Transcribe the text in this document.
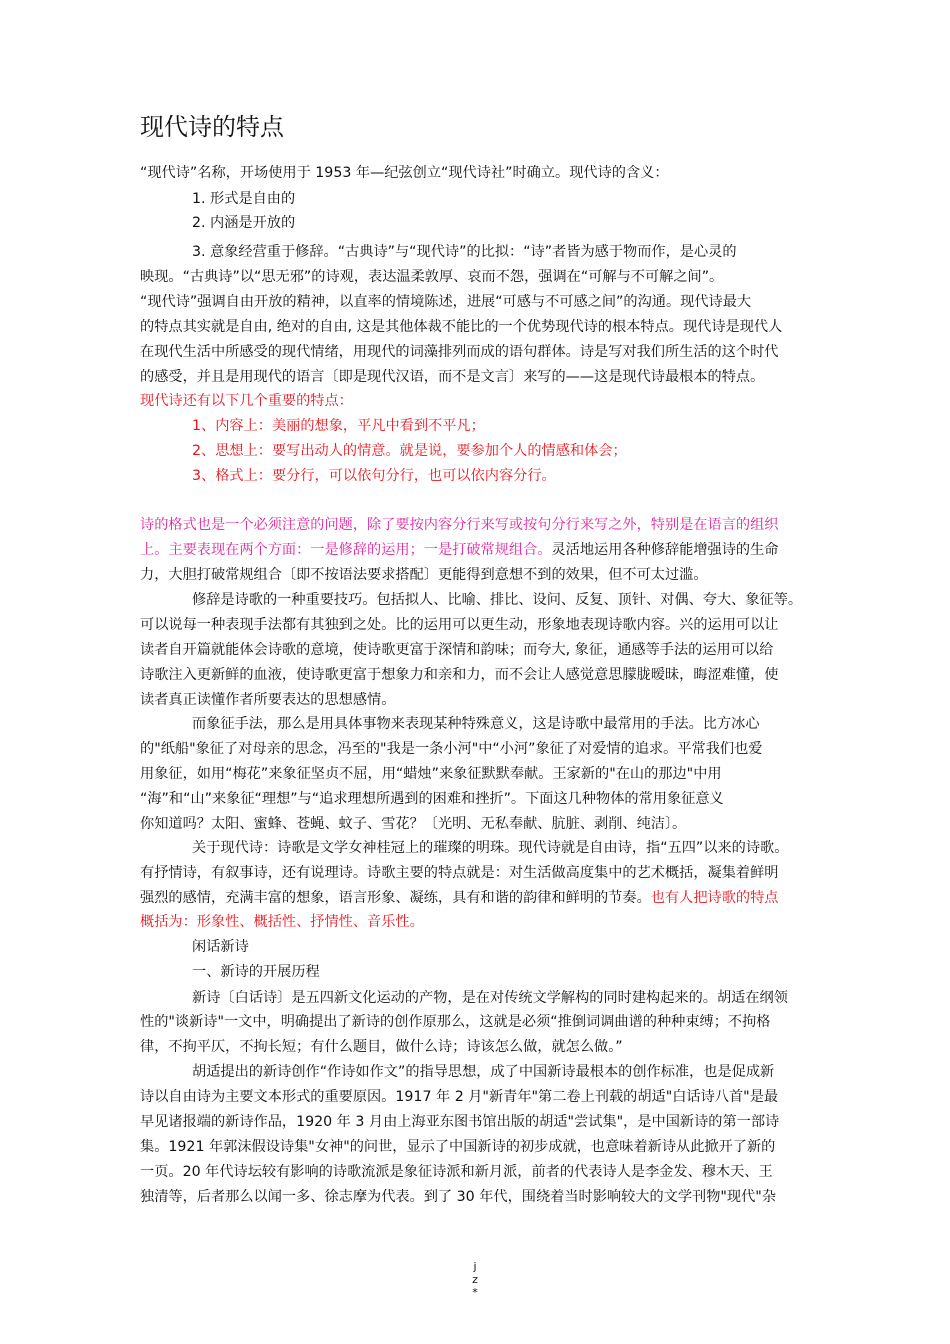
现代诗的特点
“现代诗”名称，开场使用于 1953 年—纪弦创立“现代诗社”时确立。现代诗的含义：
1. 形式是自由的
2. 内涵是开放的
3. 意象经营重于修辞。“古典诗”与“现代诗”的比拟：“诗”者皆为感于物而作，是心灵的
映现。“古典诗”以“思无邪”的诗观，表达温柔敦厚、哀而不怨，强调在“可解与不可解之间”。
“现代诗”强调自由开放的精神，以直率的情境陈述，进展“可感与不可感之间”的沟通。现代诗最大
的特点其实就是自由, 绝对的自由, 这是其他体裁不能比的一个优势现代诗的根本特点。现代诗是现代人
在现代生活中所感受的现代情绪，用现代的词藻排列而成的语句群体。诗是写对我们所生活的这个时代
的感受，并且是用现代的语言〔即是现代汉语，而不是文言〕来写的——这是现代诗最根本的特点。
现代诗还有以下几个重要的特点：
1、内容上：美丽的想象，平凡中看到不平凡；
2、思想上：要写出动人的情意。就是说，要参加个人的情感和体会；
3、格式上：要分行，可以依句分行，也可以依内容分行。
诗的格式也是一个必须注意的问题，除了要按内容分行来写或按句分行来写之外，特别是在语言的组织
上。主要表现在两个方面：一是修辞的运用；一是打破常规组合。灵活地运用各种修辞能增强诗的生命
力，大胆打破常规组合〔即不按语法要求搭配〕更能得到意想不到的效果，但不可太过滥。
修辞是诗歌的一种重要技巧。包括拟人、比喻、排比、设问、反复、顶针、对偶、夸大、象征等。
可以说每一种表现手法都有其独到之处。比的运用可以更生动，形象地表现诗歌内容。兴的运用可以让
读者自开篇就能体会诗歌的意境，使诗歌更富于深情和韵味；而夸大, 象征，通感等手法的运用可以给
诗歌注入更新鲜的血液，使诗歌更富于想象力和亲和力，而不会让人感觉意思朦胧暧昧，晦涩难懂，使
读者真正读懂作者所要表达的思想感情。
而象征手法，那么是用具体事物来表现某种特殊意义，这是诗歌中最常用的手法。比方冰心
的"纸船"象征了对母亲的思念，冯至的"我是一条小河"中“小河”象征了对爱情的追求。平常我们也爱
用象征，如用“梅花”来象征坚贞不屈，用“蜡烛”来象征默默奉献。王家新的"在山的那边"中用
“海”和“山”来象征“理想”与“追求理想所遇到的困难和挫折”。下面这几种物体的常用象征意义
你知道吗？太阳、蜜蜂、苍蝇、蚊子、雪花？〔光明、无私奉献、肮脏、剥削、纯洁〕。
关于现代诗：诗歌是文学女神桂冠上的璀璨的明珠。现代诗就是自由诗，指“五四”以来的诗歌。
有抒情诗，有叙事诗，还有说理诗。诗歌主要的特点就是：对生活做高度集中的艺术概括，凝集着鲜明
强烈的感情，充满丰富的想象，语言形象、凝练，具有和谐的韵律和鲜明的节奏。也有人把诗歌的特点
概括为：形象性、概括性、抒情性、音乐性。
闲话新诗
一、新诗的开展历程
新诗〔白话诗〕是五四新文化运动的产物，是在对传统文学解构的同时建构起来的。胡适在纲领
性的"谈新诗"一文中，明确提出了新诗的创作原那么，这就是必须“推倒词调曲谱的种种束缚；不拘格
律，不拘平仄，不拘长短；有什么题目，做什么诗；诗该怎么做，就怎么做。”
胡适提出的新诗创作“作诗如作文”的指导思想，成了中国新诗最根本的创作标准，也是促成新
诗以自由诗为主要文本形式的重要原因。1917 年 2 月"新青年"第二卷上刊载的胡适"白话诗八首"是最
早见诸报端的新诗作品，1920 年 3 月由上海亚东图书馆出版的胡适"尝试集"，是中国新诗的第一部诗
集。1921 年郭沫假设诗集"女神"的问世，显示了中国新诗的初步成就，也意味着新诗从此掀开了新的
一页。20 年代诗坛较有影响的诗歌流派是象征诗派和新月派，前者的代表诗人是李金发、穆木天、王
独清等，后者那么以闻一多、徐志摩为代表。到了 30 年代，围绕着当时影响较大的文学刊物"现代"杂
j
z
*
